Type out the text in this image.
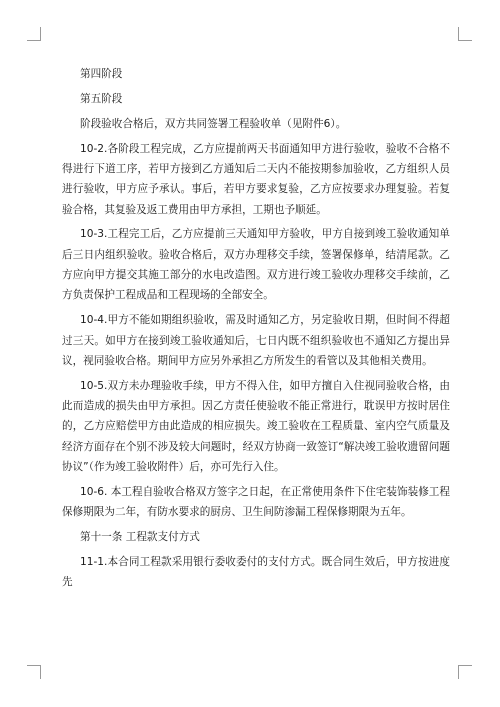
第四阶段

第五阶段

阶段验收合格后，双方共同签署工程验收单（见附件6）。

10-2.各阶段工程完成，乙方应提前两天书面通知甲方进行验收，验收不合格不得进行下道工序，若甲方接到乙方通知后二天内不能按期参加验收，乙方组织人员进行验收，甲方应予承认。事后，若甲方要求复验，乙方应按要求办理复验。若复验合格，其复验及返工费用由甲方承担，工期也予顺延。

10-3.工程完工后，乙方应提前三天通知甲方验收，甲方自接到竣工验收通知单后三日内组织验收。验收合格后，双方办理移交手续，签署保修单，结清尾款。乙方应向甲方提交其施工部分的水电改造图。双方进行竣工验收办理移交手续前，乙方负责保护工程成品和工程现场的全部安全。

10-4.甲方不能如期组织验收，需及时通知乙方，另定验收日期，但时间不得超过三天。如甲方在接到竣工验收通知后，七日内既不组织验收也不通知乙方提出异议，视同验收合格。期间甲方应另外承担乙方所发生的看管以及其他相关费用。

10-5.双方未办理验收手续，甲方不得入住，如甲方擅自入住视同验收合格，由此而造成的损失由甲方承担。因乙方责任使验收不能正常进行，耽误甲方按时居住的，乙方应赔偿甲方由此造成的相应损失。竣工验收在工程质量、室内空气质量及经济方面存在个别不涉及较大问题时，经双方协商一致签订“解决竣工验收遗留问题协议”（作为竣工验收附件）后，亦可先行入住。

10-6. 本工程自验收合格双方签字之日起，在正常使用条件下住宅装饰装修工程保修期限为二年，有防水要求的厨房、卫生间防渗漏工程保修期限为五年。

第十一条 工程款支付方式

11-1.本合同工程款采用银行委收委付的支付方式。既合同生效后，甲方按进度先
